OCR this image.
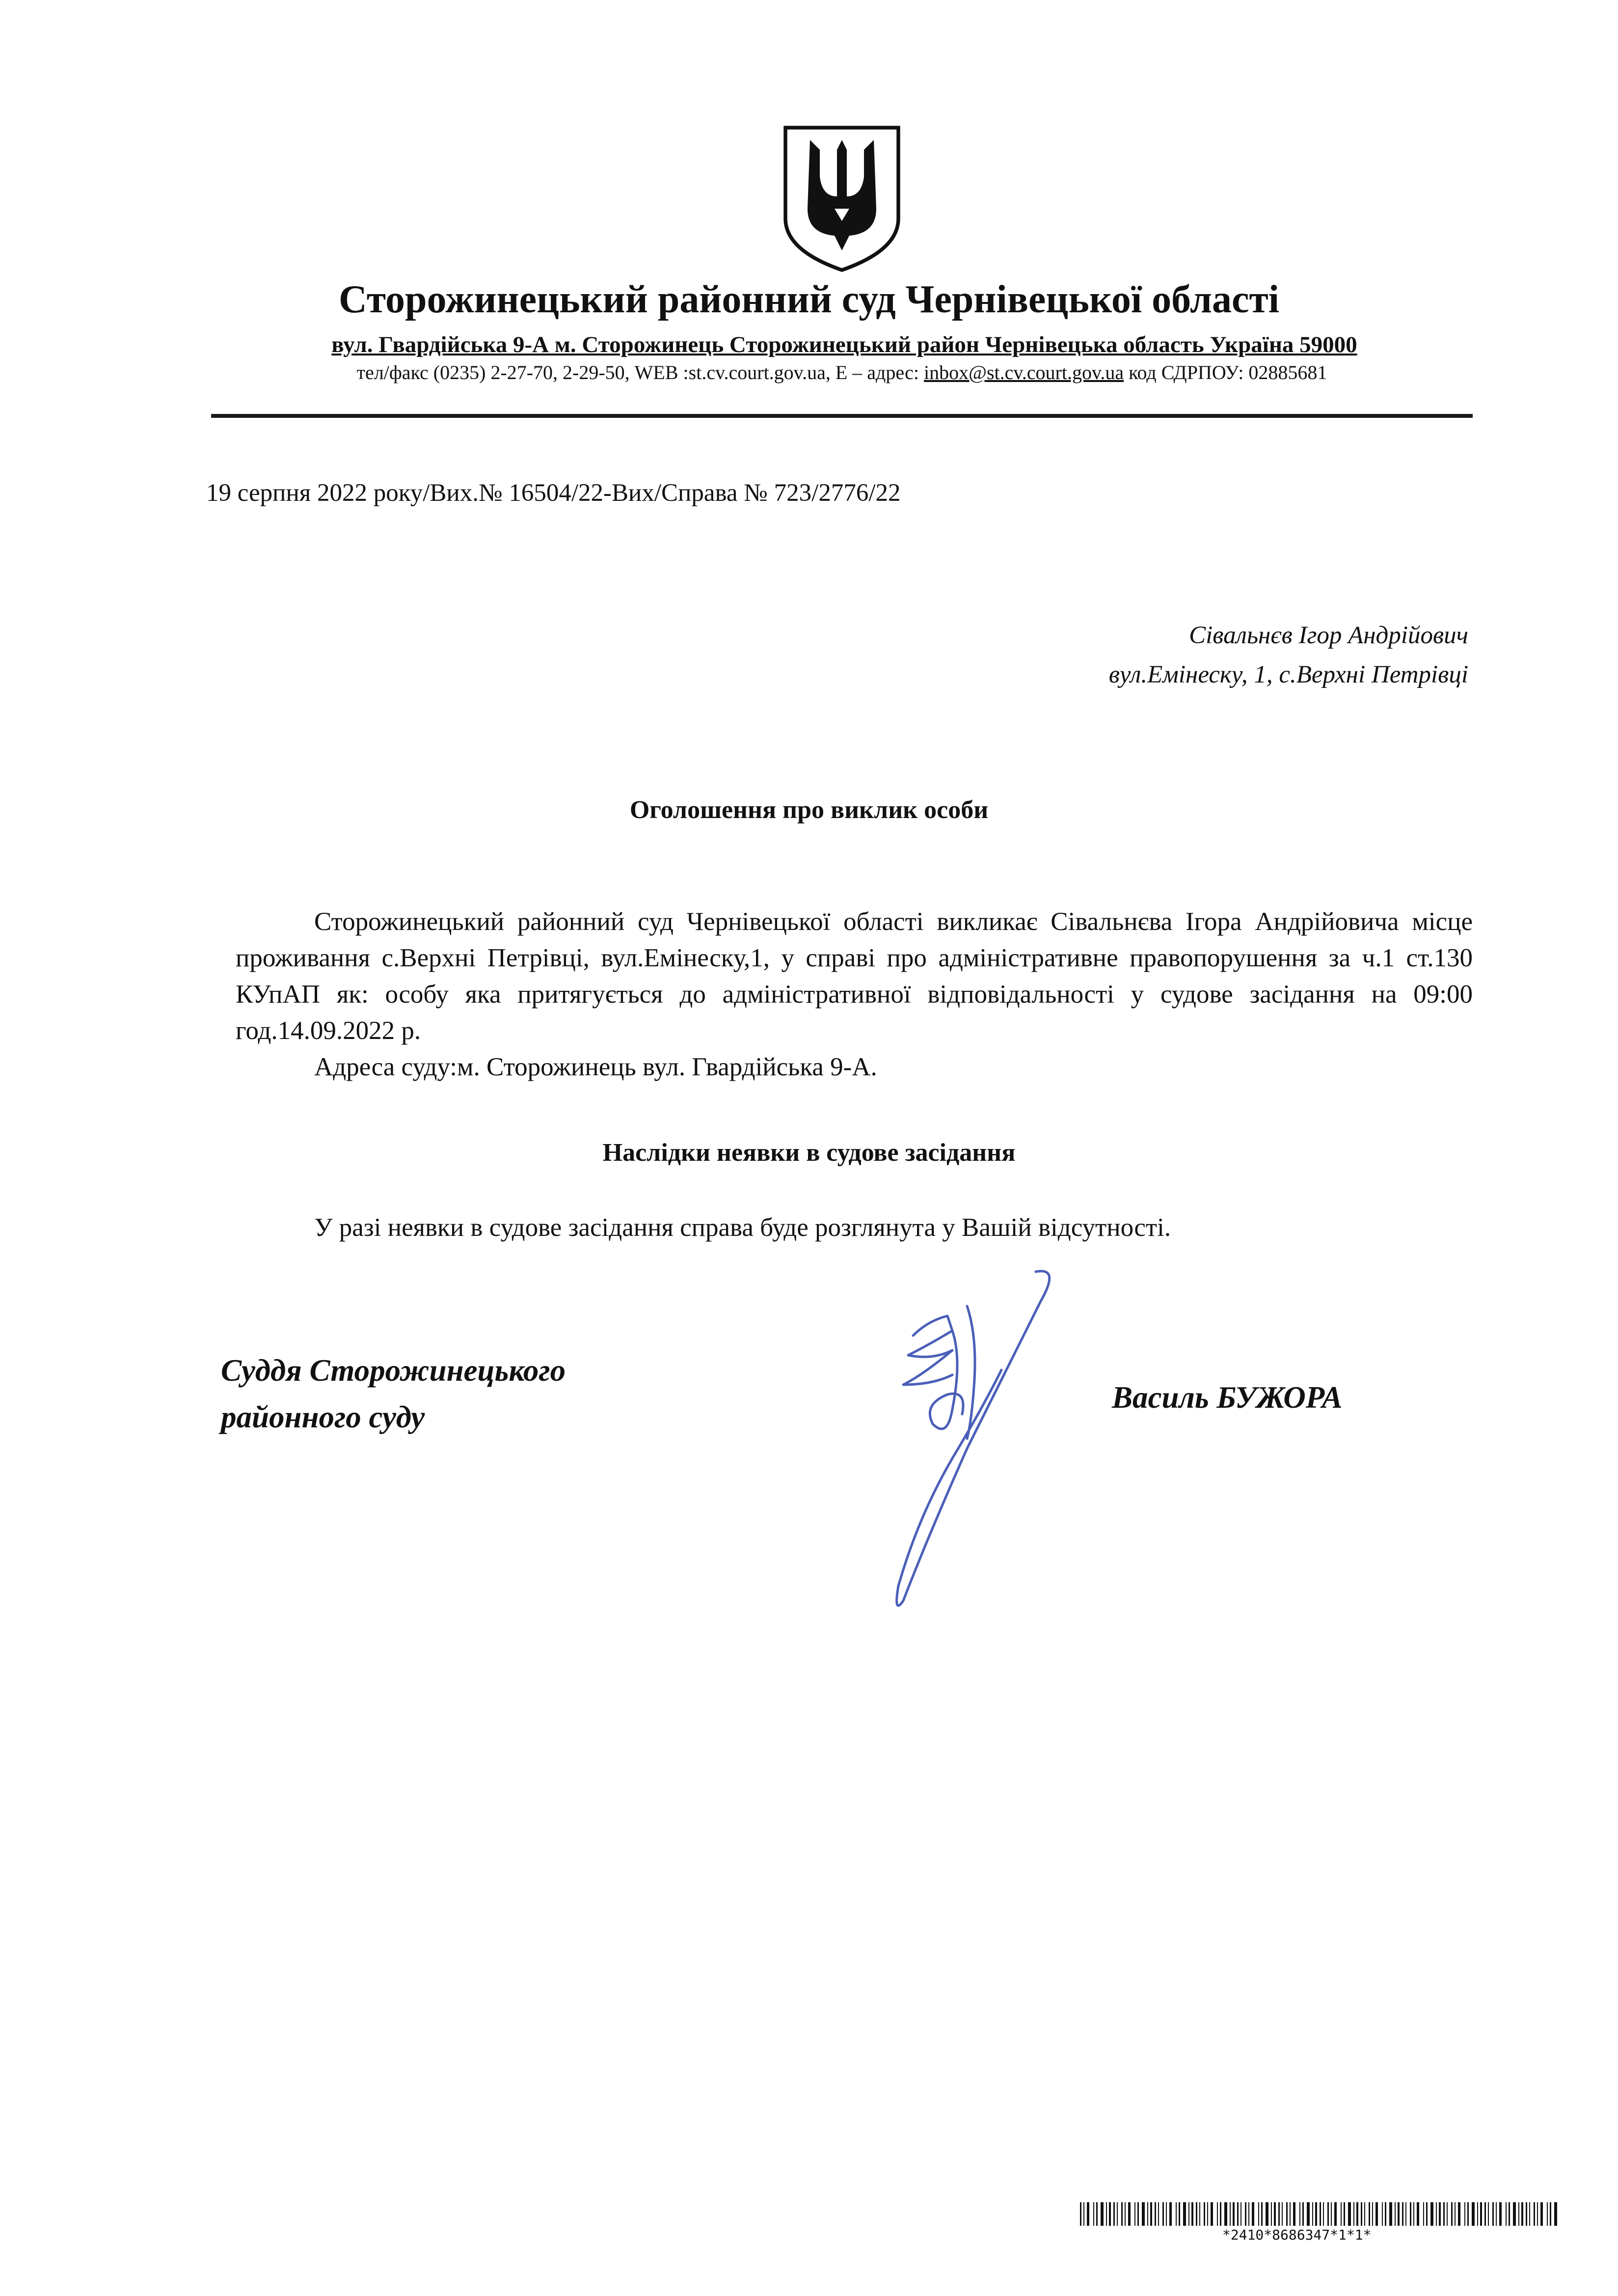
Сторожинецький районний суд Чернівецької області
вул. Гвардійська 9-А м. Сторожинець Сторожинецький район Чернівецька область Україна 59000
тел/факс (0235) 2-27-70, 2-29-50, WEB :st.cv.court.gov.ua, E – адрес: inbox@st.cv.court.gov.ua код СДРПОУ: 02885681
19 серпня 2022 року/Вих.№ 16504/22-Вих/Справа № 723/2776/22
Сівальнєв Ігор Андрійович
вул.Емінеску, 1, с.Верхні Петрівці
Оголошення про виклик особи

Сторожинецький районний суд Чернівецької області викликає Сівальнєва Ігора Андрійовича місце проживання с.Верхні Петрівці, вул.Емінеску,1, у справі про адміністративне правопорушення за ч.1 ст.130 КУпАП як: особу яка притягується до адміністративної відповідальності у судове засідання на 09:00 год.14.09.2022 р.

Адреса суду:м. Сторожинець вул. Гвардійська 9-А.

Наслідки неявки в судове засідання
У разі неявки в судове засідання справа буде розглянута у Вашій відсутності.
Суддя Сторожинецького
районного суду
Василь БУЖОРА
*2410*8686347*1*1*
